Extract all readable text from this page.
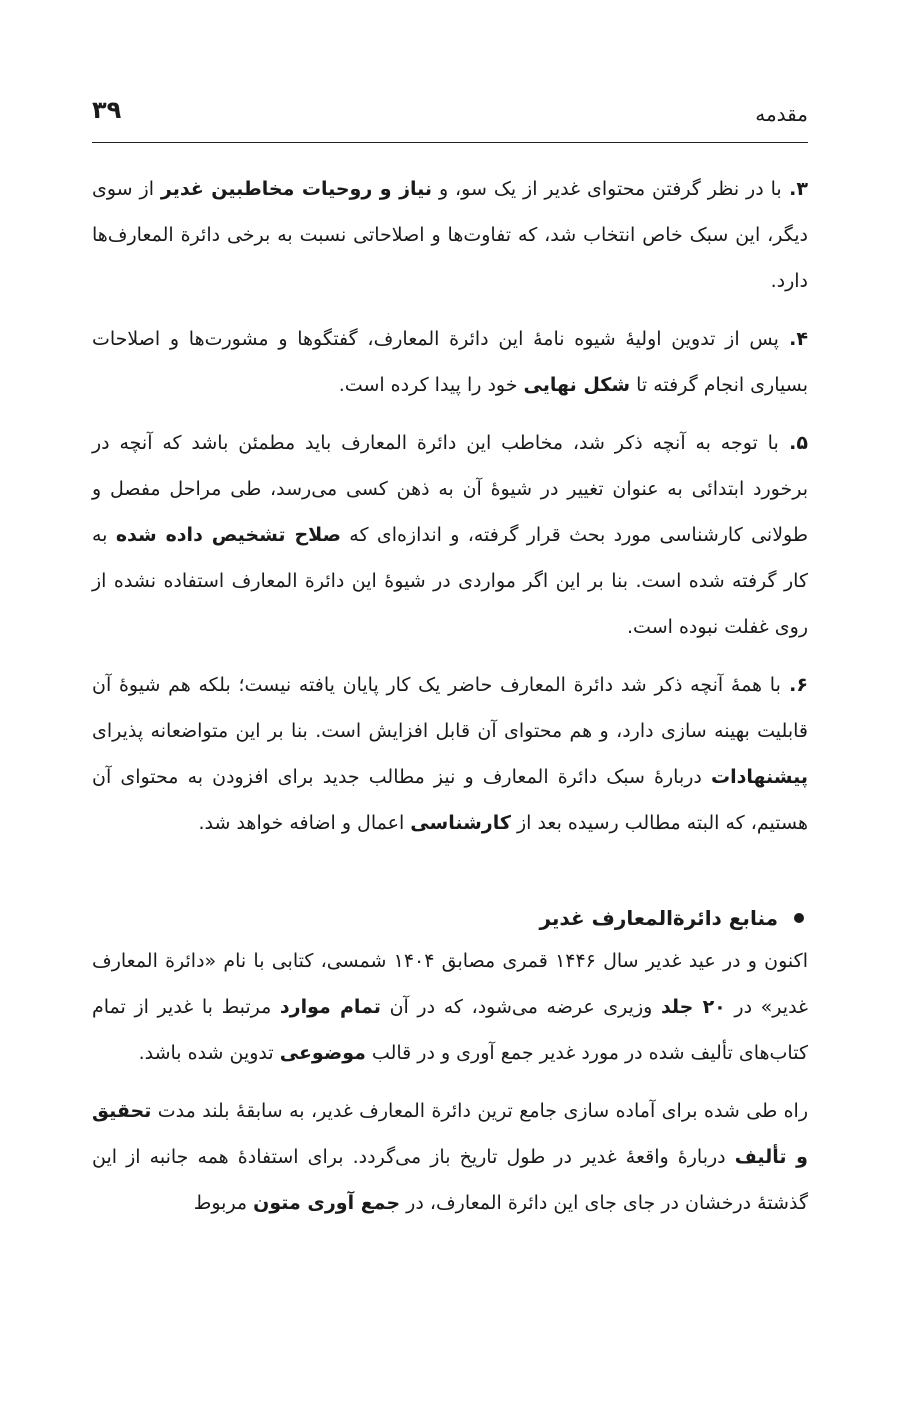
مقدمه
۳۹

۳. با در نظر گرفتن محتوای غدیر از یک سو، و نیاز و روحیات مخاطبین غدیر از سوی دیگر، این سبک خاص انتخاب شد، که تفاوت‌ها و اصلاحاتی نسبت به برخی دائرة المعارف‌ها دارد.

۴. پس از تدوین اولیهٔ شیوه نامهٔ این دائرة المعارف، گفتگوها و مشورت‌ها و اصلاحات بسیاری انجام گرفته تا شکل نهایی خود را پیدا کرده است.

۵. با توجه به آنچه ذکر شد، مخاطب این دائرة المعارف باید مطمئن باشد که آنچه در برخورد ابتدائی به عنوان تغییر در شیوهٔ آن به ذهن کسی می‌رسد، طی مراحل مفصل و طولانی کارشناسی مورد بحث قرار گرفته، و اندازه‌ای که صلاح تشخیص داده شده به کار گرفته شده است. بنا بر این اگر مواردی در شیوهٔ این دائرة المعارف استفاده نشده از روی غفلت نبوده است.

۶. با همهٔ آنچه ذکر شد دائرة المعارف حاضر یک کار پایان یافته نیست؛ بلکه هم شیوهٔ آن قابلیت بهینه سازی دارد، و هم محتوای آن قابل افزایش است. بنا بر این متواضعانه پذیرای پیشنهادات دربارهٔ سبک دائرة المعارف و نیز مطالب جدید برای افزودن به محتوای آن هستیم، که البته مطالب رسیده بعد از کارشناسی اعمال و اضافه خواهد شد.

منابع دائرةالمعارف غدیر

اکنون و در عید غدیر سال ۱۴۴۶ قمری مصابق ۱۴۰۴ شمسی، کتابی با نام «دائرة المعارف غدیر» در ۲۰ جلد وزیری عرضه می‌شود، که در آن تمام موارد مرتبط با غدیر از تمام کتاب‌های تألیف شده در مورد غدیر جمع آوری و در قالب موضوعی تدوین شده باشد.

راه طی شده برای آماده سازی جامع ترین دائرة المعارف غدیر، به سابقهٔ بلند مدت تحقیق و تألیف دربارهٔ واقعهٔ غدیر در طول تاریخ باز می‌گردد. برای استفادهٔ همه جانبه از این گذشتهٔ درخشان در جای جای این دائرة المعارف، در جمع آوری متون مربوط
